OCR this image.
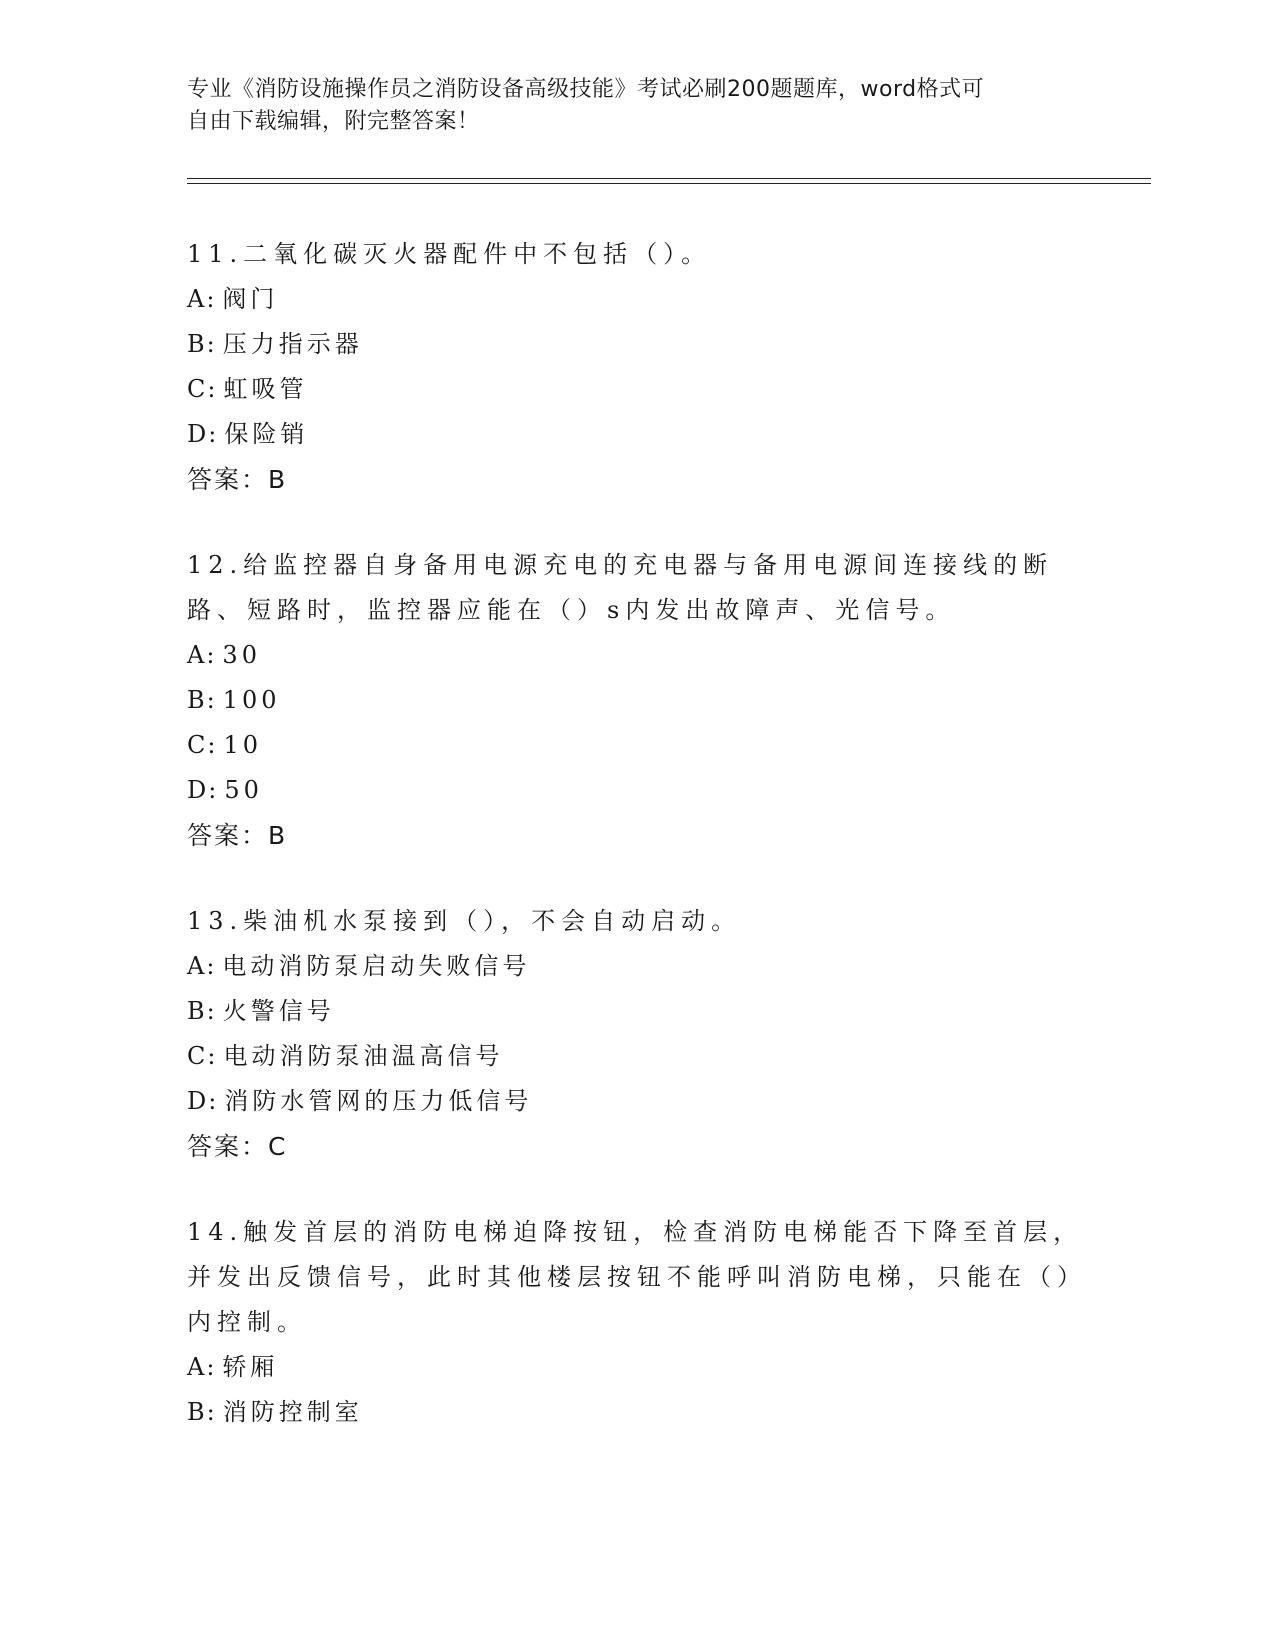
专业《消防设施操作员之消防设备高级技能》考试必刷200题题库，word格式可
自由下载编辑，附完整答案！
11.二氧化碳灭火器配件中不包括（）。
A: 阀门
B: 压力指示器
C: 虹吸管
D: 保险销
答案：B
12.给监控器自身备用电源充电的充电器与备用电源间连接线的断路、短路时，监控器应能在（）s内发出故障声、光信号。
A: 30
B: 100
C: 10
D: 50
答案：B
13.柴油机水泵接到（），不会自动启动。
A: 电动消防泵启动失败信号
B: 火警信号
C: 电动消防泵油温高信号
D: 消防水管网的压力低信号
答案：C
14.触发首层的消防电梯迫降按钮，检查消防电梯能否下降至首层，并发出反馈信号，此时其他楼层按钮不能呼叫消防电梯，只能在（）内控制。
A: 轿厢
B: 消防控制室
